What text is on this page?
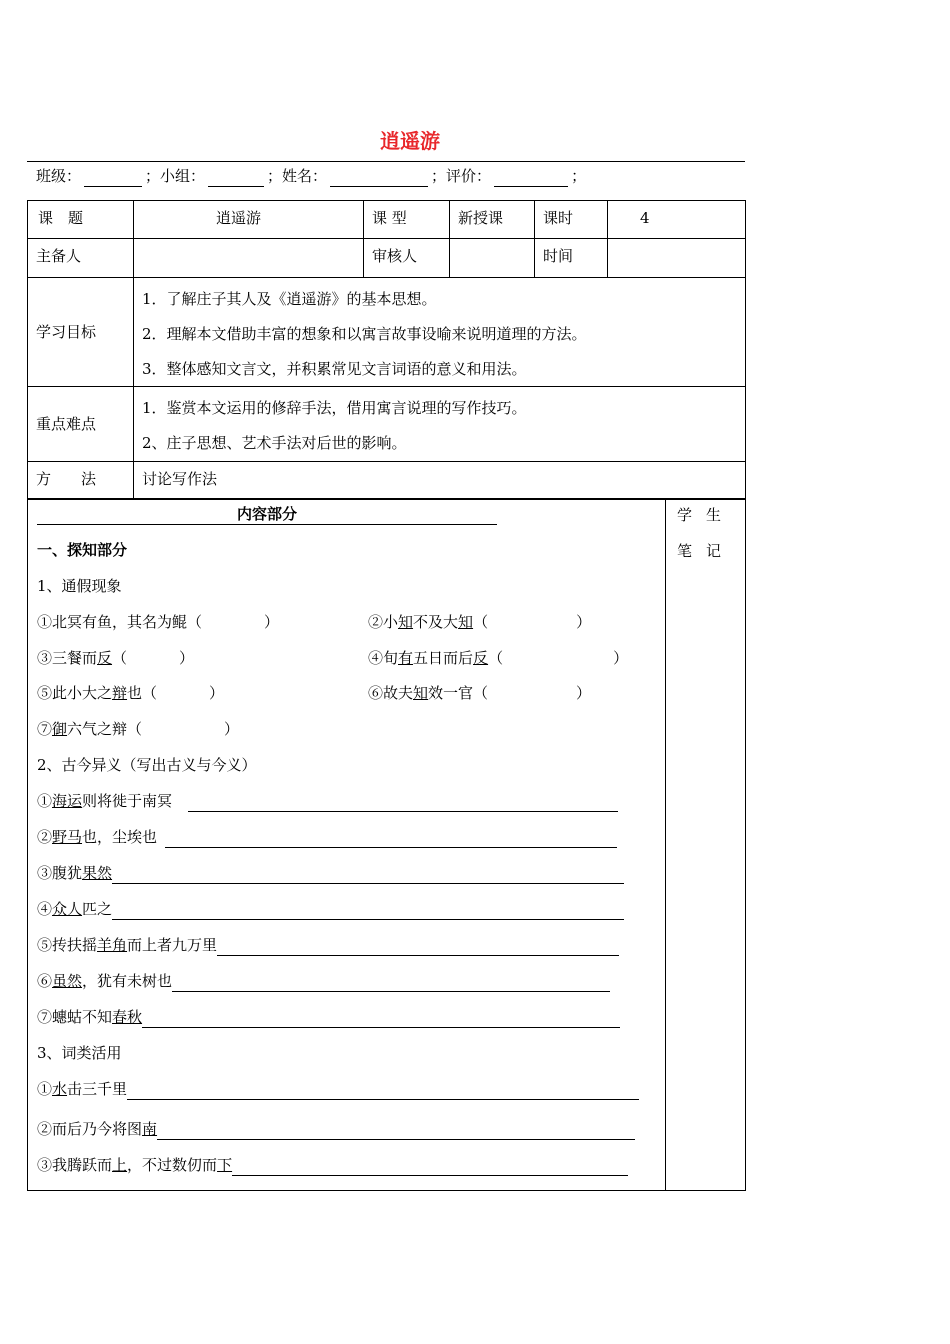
逍遥游
班级：	；小组：	；姓名：	；评价：	；
课　题	逍遥游	课 型	新授课	课时	4
主备人		审核人		时间	
学习目标	1．了解庄子其人及《逍遥游》的基本思想。
2．理解本文借助丰富的想象和以寓言故事设喻来说明道理的方法。
3．整体感知文言文，并积累常见文言词语的意义和用法。				

重点难点	1．鉴赏本文运用的修辞手法，借用寓言说理的写作技巧。
2、庄子思想、艺术手法对后世的影响。				

方　　法	讨论写作法				
内容部分	学生
笔记
一、探知部分
1、通假现象
①北冥有鱼，其名为鲲（	）	②小知不及大知（	）
③三餐而反（	）	④旬有五日而后反（	）
⑤此小大之辩也（	）	⑥故夫知效一官（	）
⑦御六气之辩（	）
2、古今异义（写出古义与今义）
①海运则将徙于南冥
②野马也，尘埃也
③腹犹果然
④众人匹之
⑤抟扶摇羊角而上者九万里
⑥虽然，犹有未树也
⑦蟪蛄不知春秋
3、词类活用
①水击三千里
②而后乃今将图南
③我腾跃而上，不过数仞而下
